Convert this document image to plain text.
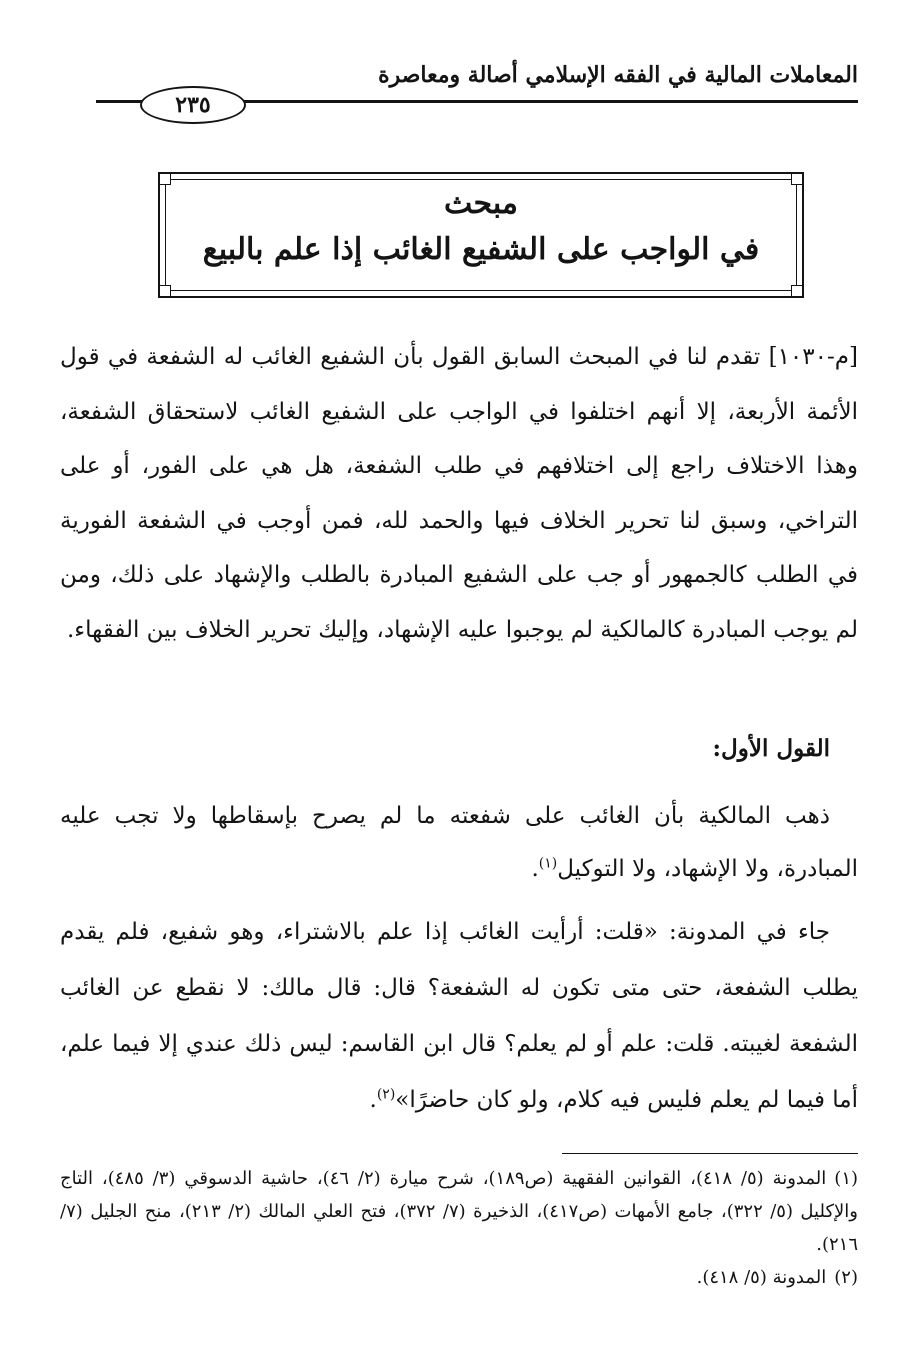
المعاملات المالية في الفقه الإسلامي أصالة ومعاصرة
٢٣٥
مبحث
في الواجب على الشفيع الغائب إذا علم بالبيع

[م-١٠٣٠] تقدم لنا في المبحث السابق القول بأن الشفيع الغائب له الشفعة في قول الأئمة الأربعة، إلا أنهم اختلفوا في الواجب على الشفيع الغائب لاستحقاق الشفعة، وهذا الاختلاف راجع إلى اختلافهم في طلب الشفعة، هل هي على الفور، أو على التراخي، وسبق لنا تحرير الخلاف فيها والحمد لله، فمن أوجب في الشفعة الفورية في الطلب كالجمهور أو جب على الشفيع المبادرة بالطلب والإشهاد على ذلك، ومن لم يوجب المبادرة كالمالكية لم يوجبوا عليه الإشهاد، وإليك تحرير الخلاف بين الفقهاء.

القول الأول:

ذهب المالكية بأن الغائب على شفعته ما لم يصرح بإسقاطها ولا تجب عليه المبادرة، ولا الإشهاد، ولا التوكيل$^{(١)}$.

جاء في المدونة: «قلت: أرأيت الغائب إذا علم بالاشتراء، وهو شفيع، فلم يقدم يطلب الشفعة، حتى متى تكون له الشفعة؟ قال: قال مالك: لا نقطع عن الغائب الشفعة لغيبته. قلت: علم أو لم يعلم؟ قال ابن القاسم: ليس ذلك عندي إلا فيما علم، أما فيما لم يعلم فليس فيه كلام، ولو كان حاضرًا»$^{(٢)}$.

(١)المدونة (٥/ ٤١٨)، القوانين الفقهية (ص١٨٩)، شرح ميارة (٢/ ٤٦)، حاشية الدسوقي (٣/ ٤٨٥)، التاج والإكليل (٥/ ٣٢٢)، جامع الأمهات (ص٤١٧)، الذخيرة (٧/ ٣٧٢)، فتح العلي المالك (٢/ ٢١٣)، منح الجليل (٧/ ٢١٦).

(٢)المدونة (٥/ ٤١٨).
